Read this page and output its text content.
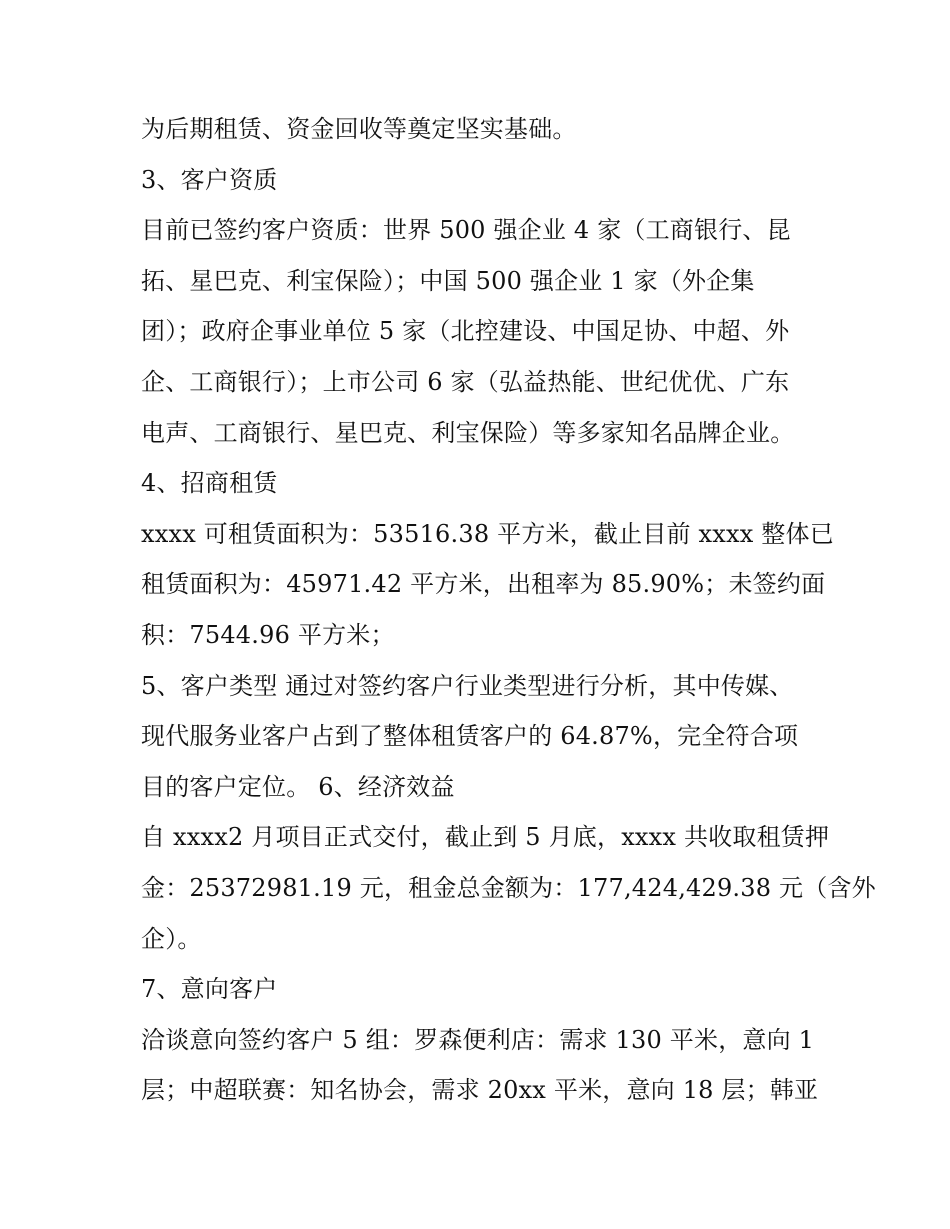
为后期租赁、资金回收等奠定坚实基础。
3、客户资质
目前已签约客户资质：世界 500 强企业 4 家（工商银行、昆
拓、星巴克、利宝保险）；中国 500 强企业 1 家（外企集
团）；政府企事业单位 5 家（北控建设、中国足协、中超、外
企、工商银行）；上市公司 6 家（弘益热能、世纪优优、广东
电声、工商银行、星巴克、利宝保险）等多家知名品牌企业。
4、招商租赁
xxxx 可租赁面积为：53516.38 平方米，截止目前 xxxx 整体已
租赁面积为：45971.42 平方米，出租率为 85.90%；未签约面
积：7544.96 平方米；
5、客户类型 通过对签约客户行业类型进行分析，其中传媒、
现代服务业客户占到了整体租赁客户的 64.87%，完全符合项
目的客户定位。 6、经济效益
自 xxxx2 月项目正式交付，截止到 5 月底，xxxx 共收取租赁押
金：25372981.19 元，租金总金额为：177,424,429.38 元（含外
企）。
7、意向客户
洽谈意向签约客户 5 组：罗森便利店：需求 130 平米，意向 1
层；中超联赛：知名协会，需求 20xx 平米，意向 18 层；韩亚
